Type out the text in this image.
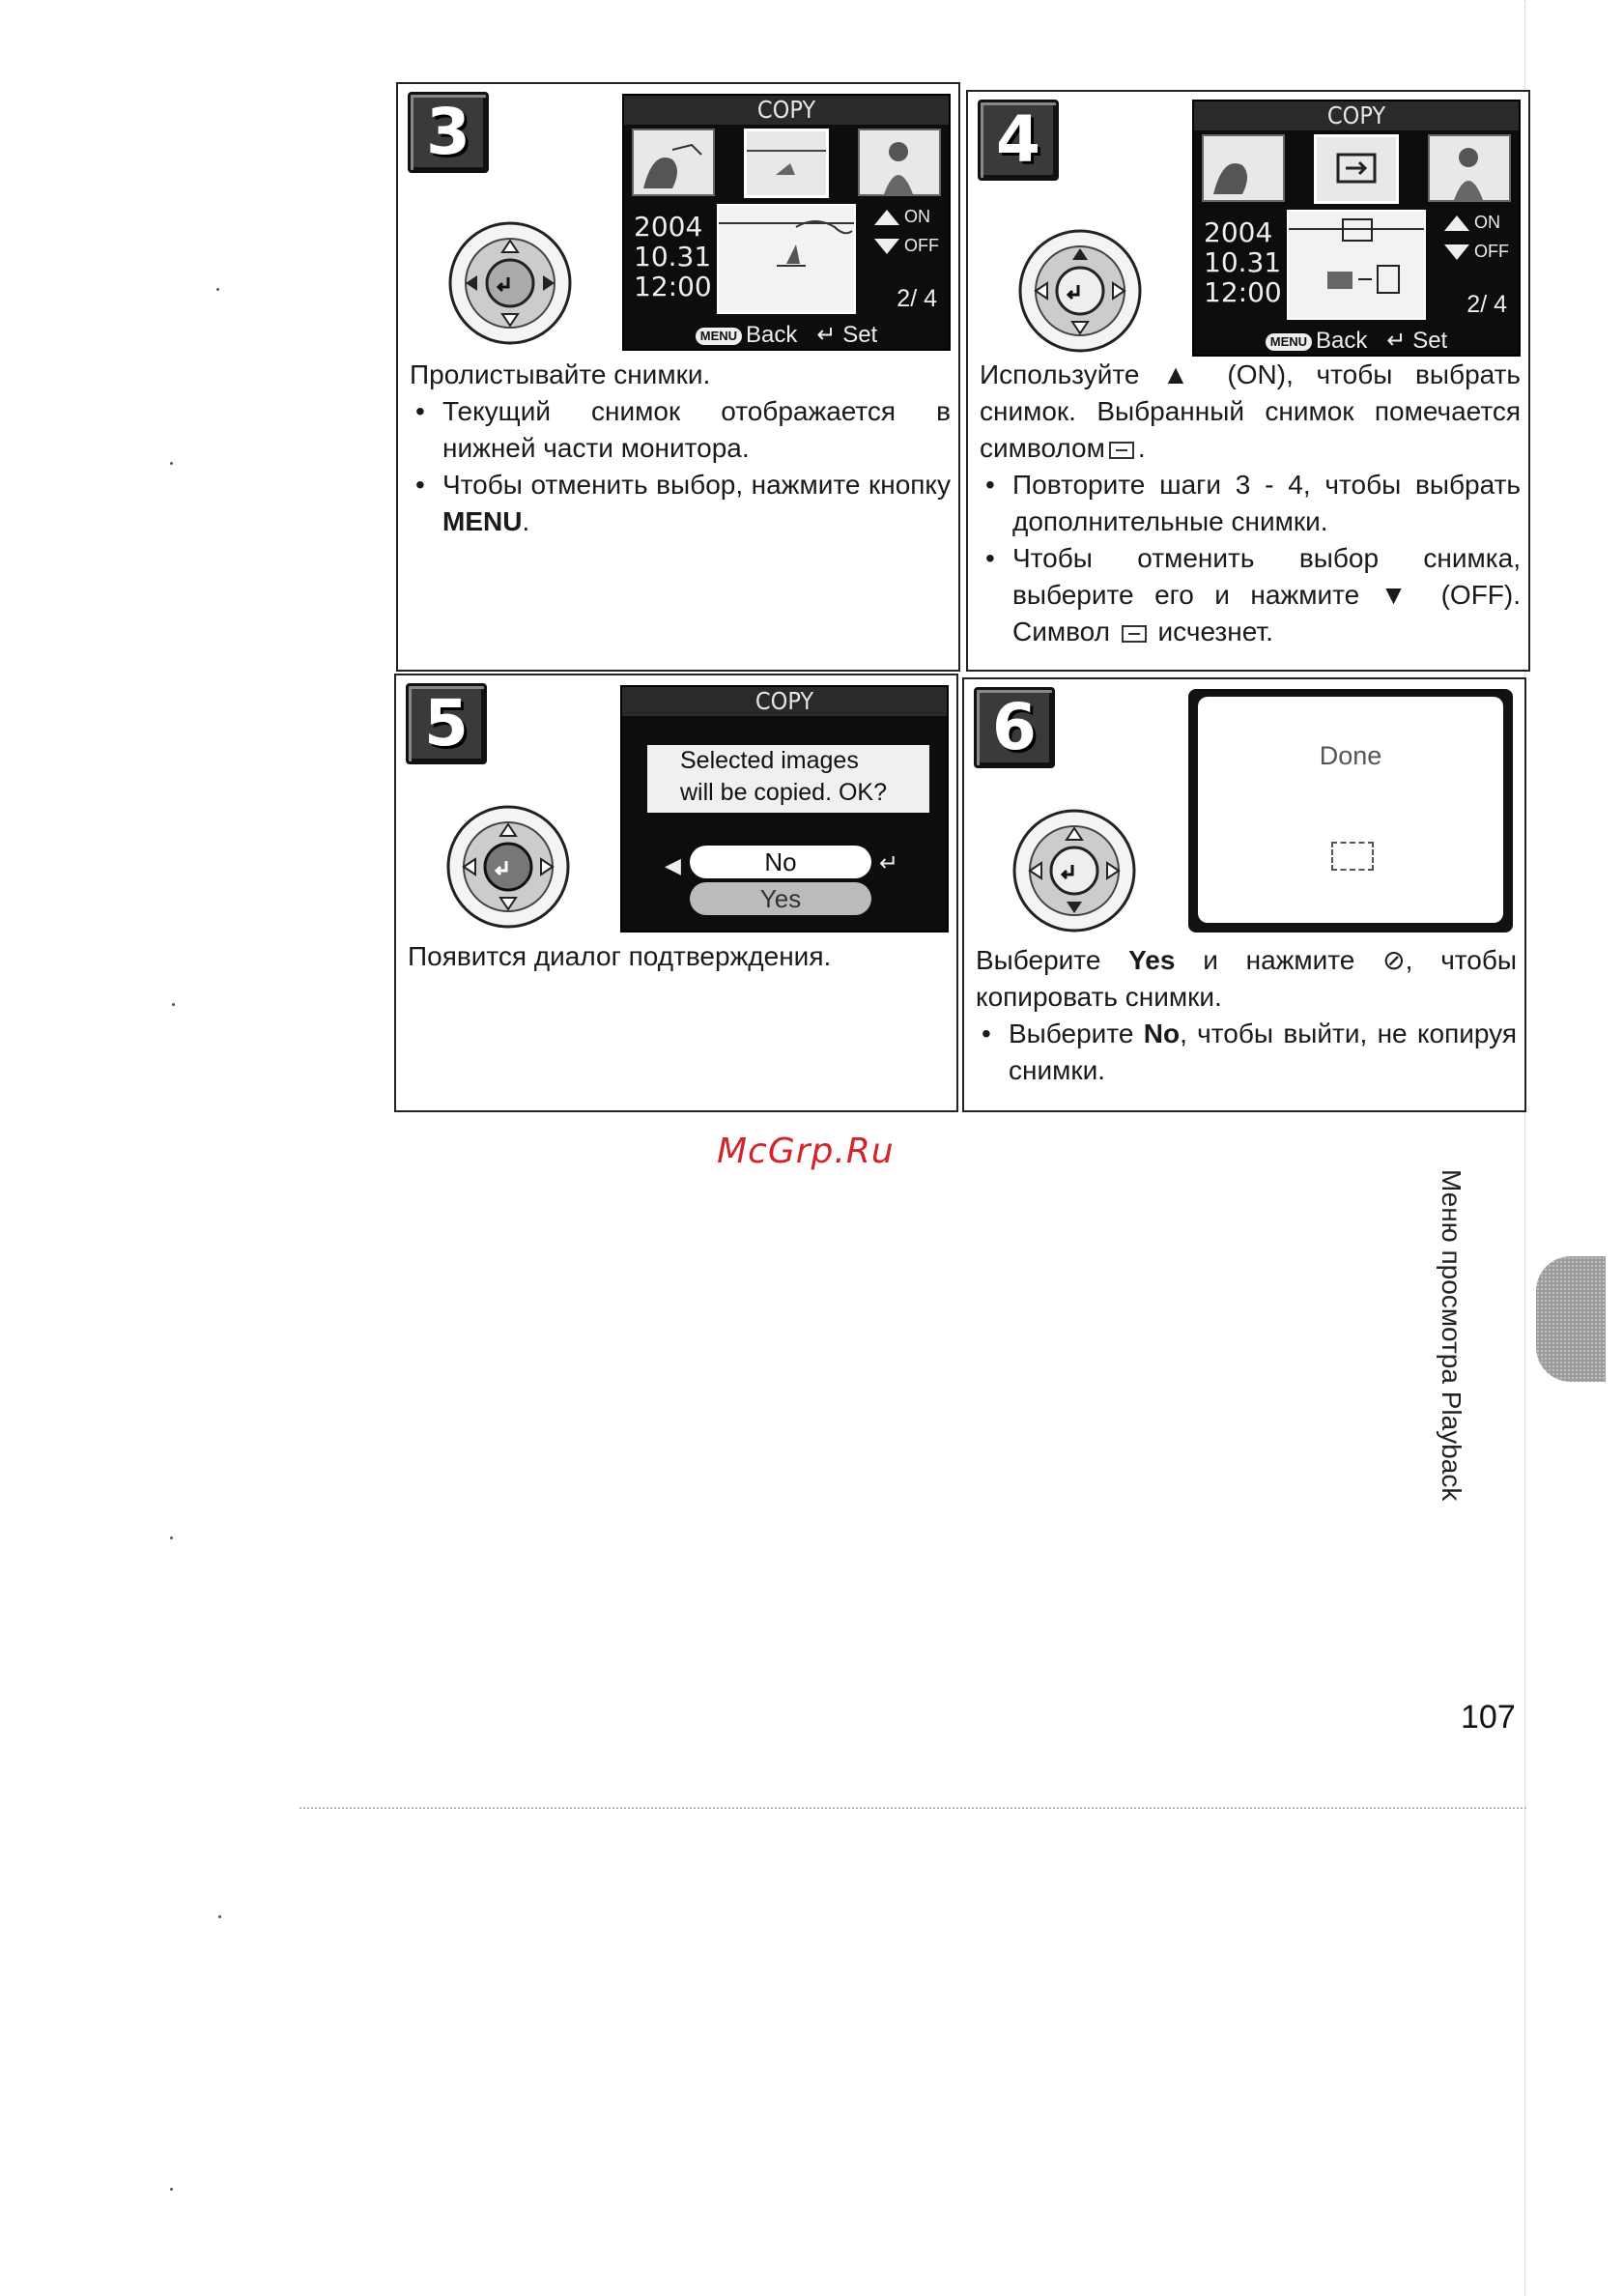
3	COPY
2004
10.31
12:00
ON
OFF
2/ 4
MENU Back ↵ Set

Пролистывайте снимки.

• Текущий снимок отображается в нижней части монитора.
• Чтобы отменить выбор, нажмите кнопку MENU.
4	COPY
2004
10.31
12:00
ON
OFF
2/ 4
MENU Back ↵ Set

Используйте ▲ (ON), чтобы выбрать снимок. Выбранный снимок помечается символом .

• Повторите шаги 3 - 4, чтобы выбрать дополнительные снимки.
• Чтобы отменить выбор снимка, выберите его и нажмите ▼ (OFF). Символ исчезнет.
5	COPY
Selected images
will be copied. OK?
◀	No	↵
Yes

Появится диалог подтверждения.

6	Done

Выберите Yes и нажмите ⊘, чтобы копировать снимки.

• Выберите No, чтобы выйти, не копируя снимки.
McGrp.Ru
Меню просмотра Playback
107
